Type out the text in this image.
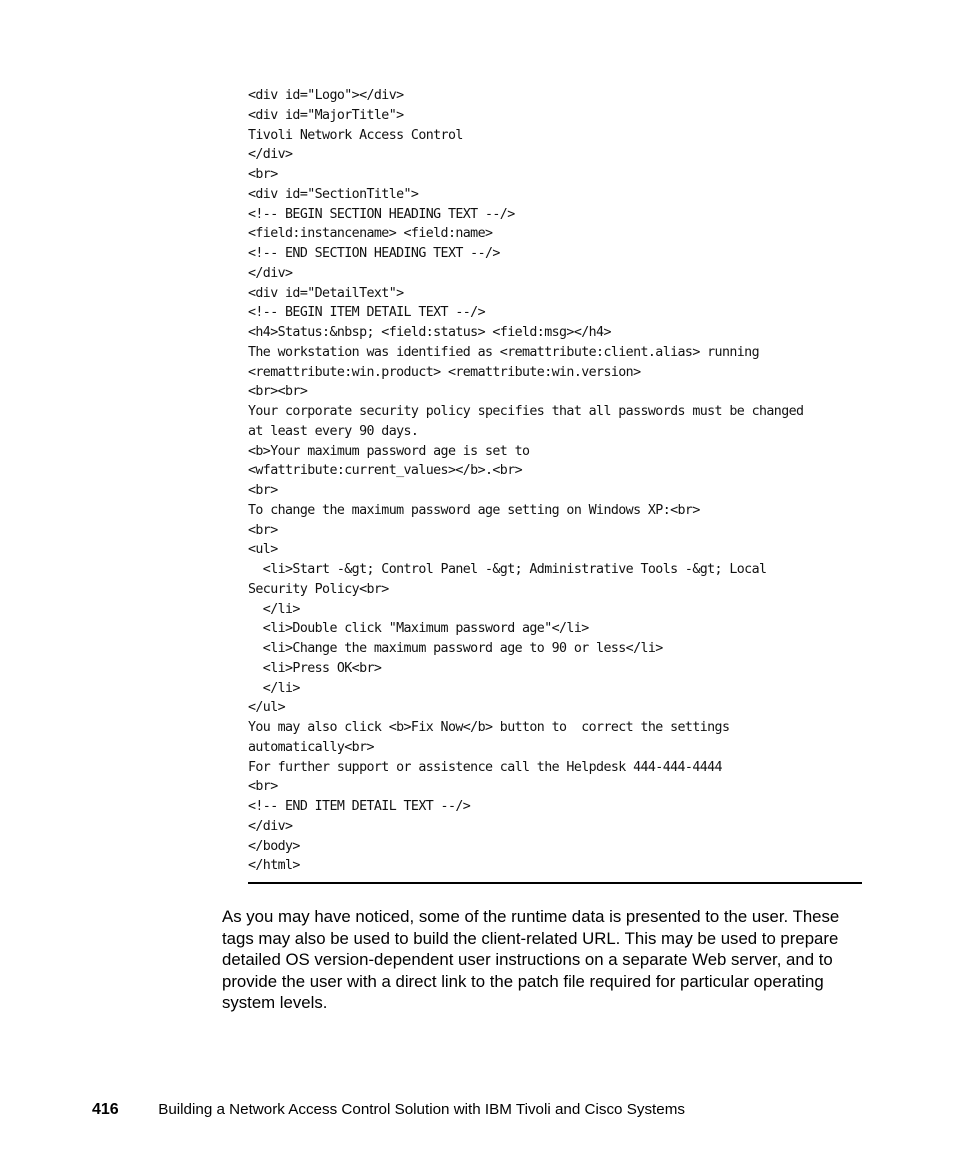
<div id="Logo"></div>
<div id="MajorTitle">
Tivoli Network Access Control
</div>
<br>
<div id="SectionTitle">
<!-- BEGIN SECTION HEADING TEXT --/>
<field:instancename> <field:name>
<!-- END SECTION HEADING TEXT --/>
</div>
<div id="DetailText">
<!-- BEGIN ITEM DETAIL TEXT --/>
<h4>Status:&nbsp; <field:status> <field:msg></h4>
The workstation was identified as <remattribute:client.alias> running
<remattribute:win.product> <remattribute:win.version>
<br><br>
Your corporate security policy specifies that all passwords must be changed
at least every 90 days.
<b>Your maximum password age is set to
<wfattribute:current_values></b>.<br>
<br>
To change the maximum password age setting on Windows XP:<br>
<br>
<ul>
<li>Start -&gt; Control Panel -&gt; Administrative Tools -&gt; Local
Security Policy<br>
</li>
<li>Double click "Maximum password age"</li>
<li>Change the maximum password age to 90 or less</li>
<li>Press OK<br>
</li>
</ul>
You may also click <b>Fix Now</b> button to  correct the settings
automatically<br>
For further support or assistence call the Helpdesk 444-444-4444
<br>
<!-- END ITEM DETAIL TEXT --/>
</div>
</body>
</html>

As you may have noticed, some of the runtime data is presented to the user. These tags may also be used to build the client-related URL. This may be used to prepare detailed OS version-dependent user instructions on a separate Web server, and to provide the user with a direct link to the patch file required for particular operating system levels.

416	Building a Network Access Control Solution with IBM Tivoli and Cisco Systems
